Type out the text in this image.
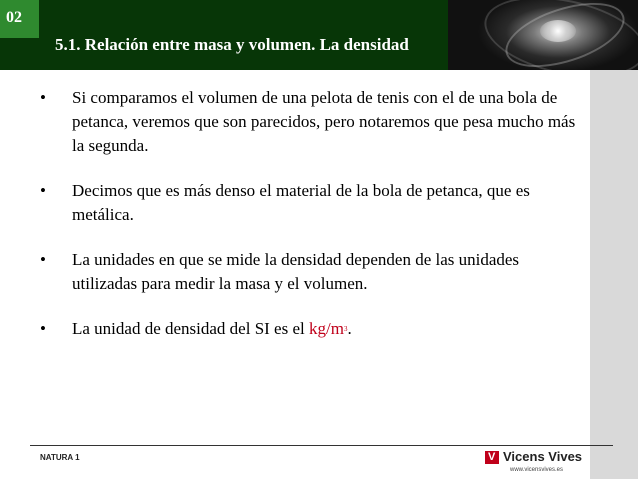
02
5.1. Relación entre masa y volumen. La densidad
• Si comparamos el volumen de una pelota de tenis con el de una bola de petanca, veremos que son parecidos, pero notaremos que pesa mucho más la segunda.
• Decimos que es más denso el material de la bola de petanca, que es metálica.
• La unidades en que se mide la densidad dependen de las unidades utilizadas para medir la masa y el volumen.
• La unidad de densidad del SI es el $kg/m^3$.
NATURA 1	V Vicens Vives
www.vicensvives.es
